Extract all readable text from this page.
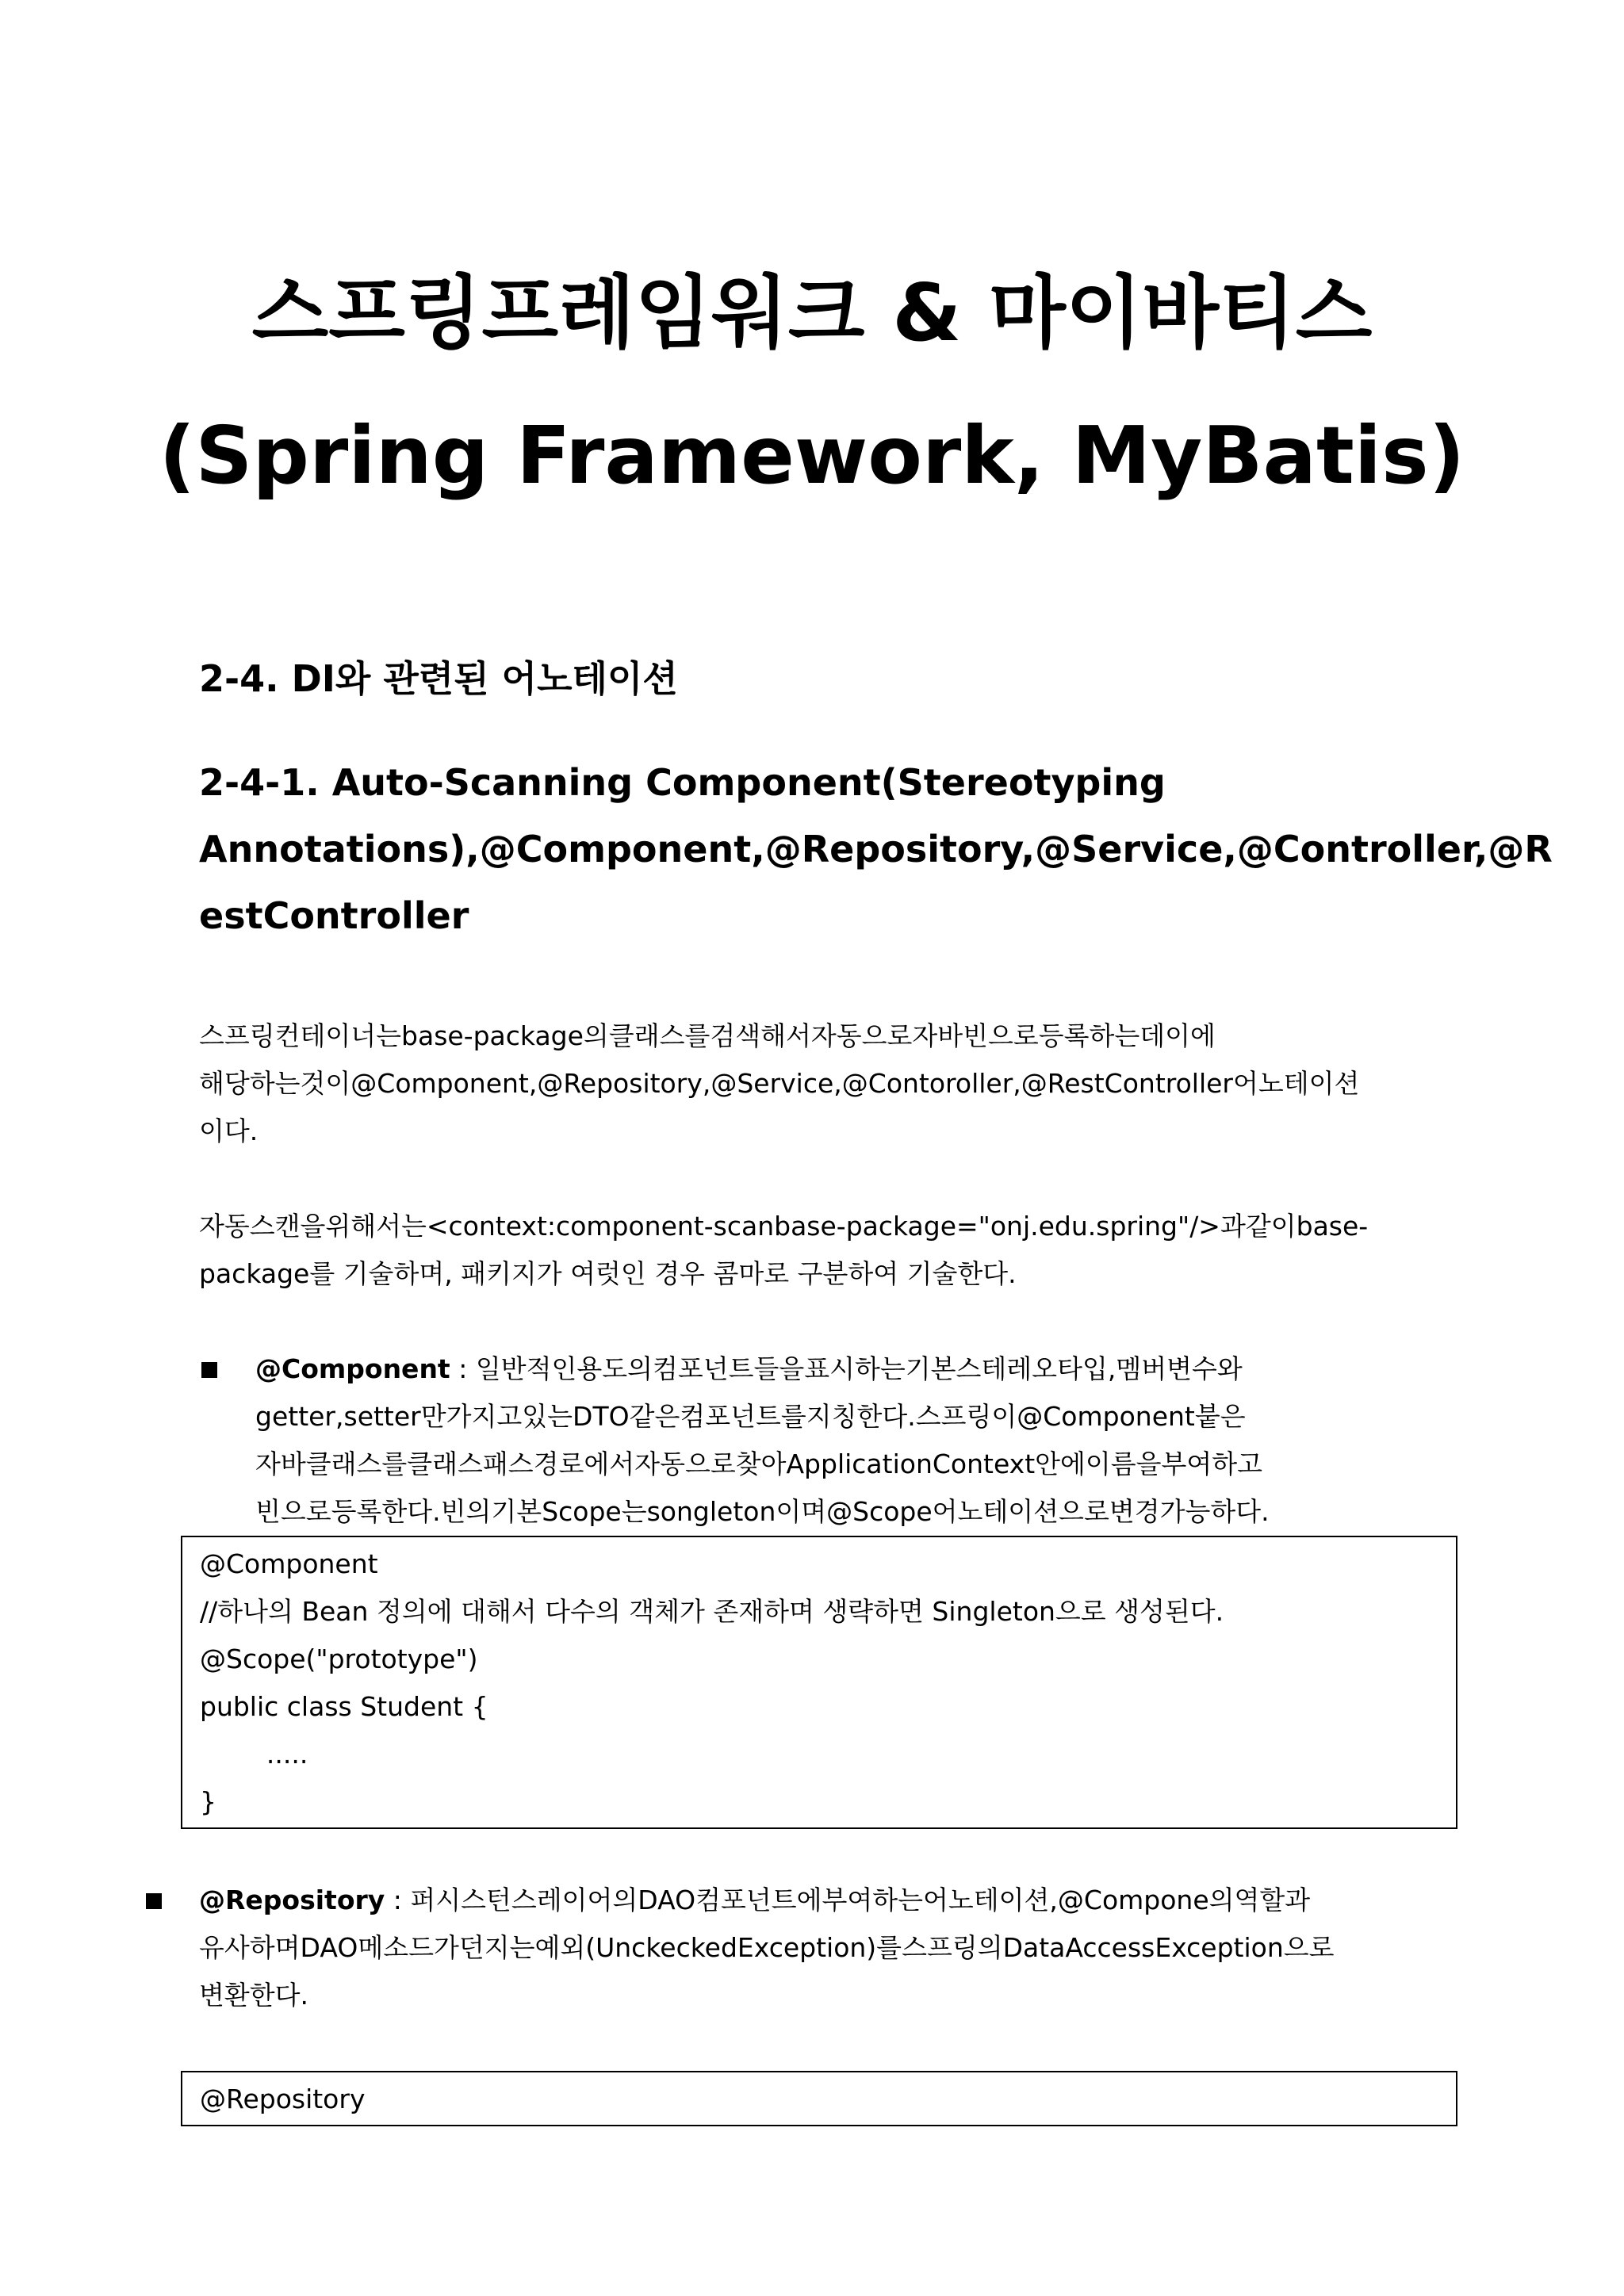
스프링프레임워크 & 마이바티스
(Spring Framework, MyBatis)
2-4. DI와 관련된 어노테이션
2-4-1. Auto-Scanning Component(Stereotyping
Annotations),@Component,@Repository,@Service,@Controller,@R
estController
스프링컨테이너는base-package의클래스를검색해서자동으로자바빈으로등록하는데이에
해당하는것이@Component,@Repository,@Service,@Contoroller,@RestController어노테이션
이다.
자동스캔을위해서는<context:component-scanbase-package="onj.edu.spring"/>과같이base-
package를 기술하며, 패키지가 여럿인 경우 콤마로 구분하여 기술한다.
@Component : 일반적인용도의컴포넌트들을표시하는기본스테레오타입,멤버변수와
getter,setter만가지고있는DTO같은컴포넌트를지칭한다.스프링이@Component붙은
자바클래스를클래스패스경로에서자동으로찾아ApplicationContext안에이름을부여하고
빈으로등록한다.빈의기본Scope는songleton이며@Scope어노테이션으로변경가능하다.
@Component
//하나의 Bean 정의에 대해서 다수의 객체가 존재하며 생략하면 Singleton으로 생성된다.
@Scope("prototype")
public class Student {
.....
}
@Repository : 퍼시스턴스레이어의DAO컴포넌트에부여하는어노테이션,@Compone의역할과
유사하며DAO메소드가던지는예외(UnckeckedException)를스프링의DataAccessException으로
변환한다.
@Repository
